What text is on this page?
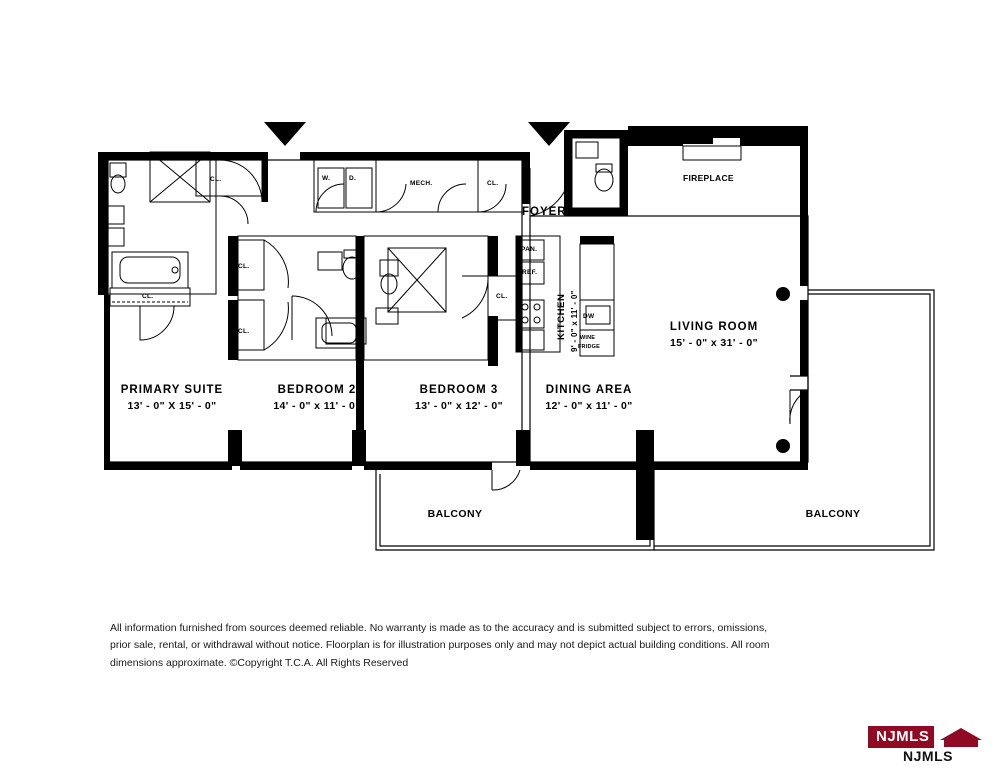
PRIMARY SUITE
13' - 0" X 15' - 0"
BEDROOM 2
14' - 0" x 11' - 0"
BEDROOM 3
13' - 0" x 12' - 0"
DINING AREA
12' - 0" x 11' - 0"
LIVING ROOM
15' - 0" x 31' - 0"
FOYER
BALCONY	BALCONY
FIREPLACE
CL.	W.	D.
MECH.	CL.
CL.
CL.
CL.
CL.
PAN.
REF.
DW
WINE
FRIDGE
KITCHEN 9' - 0" x 11' - 0"
All information furnished from sources deemed reliable. No warranty is made as to the accuracy and is submitted subject to errors, omissions, prior sale, rental, or withdrawal without notice. Floorplan is for illustration purposes only and may not depict actual building conditions. All room dimensions approximate. ©Copyright T.C.A. All Rights Reserved
NJMLS
NJMLS
